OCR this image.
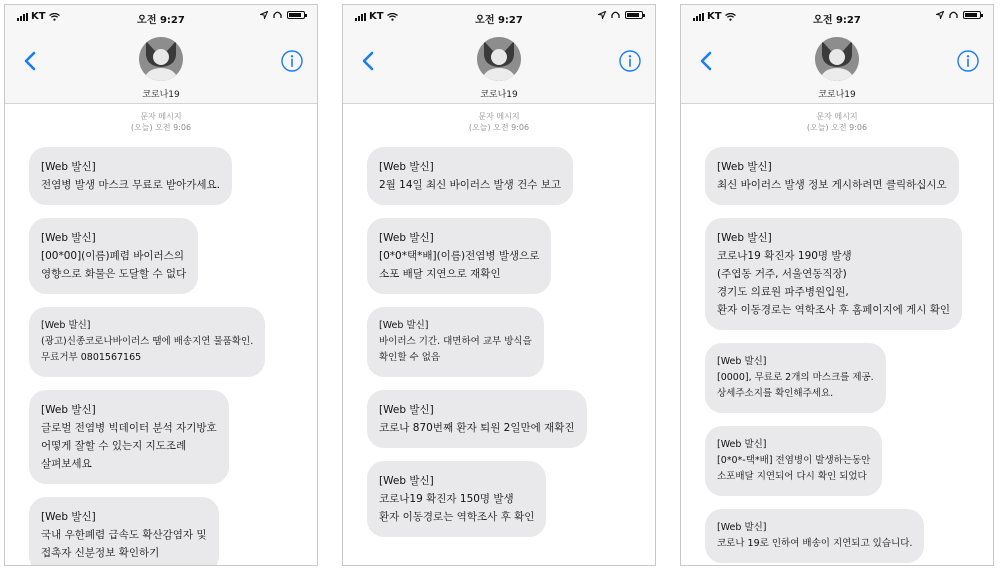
KT	오전 9:27
코로나19
문자 메시지
(오늘) 오전 9:06
[Web 발신]
전염병 발생 마스크 무료로 받아가세요.
[Web 발신]
[00*00](이름)폐렴 바이러스의
영향으로 화물은 도달할 수 없다
[Web 발신]
(광고)신종코로나바이러스 땜에 배송지연 물품확인.
무료거부 0801567165
[Web 발신]
글로벌 전염병 빅데이터 분석 자기방호
어떻게 잘할 수 있는지 지도조례
살펴보세요
[Web 발신]
국내 우한폐렴 급속도 확산감염자 및
접촉자 신분정보 확인하기
KT	오전 9:27
코로나19
문자 메시지
(오늘) 오전 9:06
[Web 발신]
2월 14일 최신 바이러스 발생 건수 보고
[Web 발신]
[0*0*택*배](이름)전염병 발생으로
소포 배달 지연으로 재확인
[Web 발신]
바이러스 기간. 대면하여 교부 방식을
확인할 수 없음
[Web 발신]
코로나 870번째 환자 퇴원 2일만에 재확진
[Web 발신]
코로나19 확진자 150명 발생
환자 이동경로는 역학조사 후 확인
KT	오전 9:27
코로나19
문자 메시지
(오늘) 오전 9:06
[Web 발신]
최신 바이러스 발생 정보 게시하려면 클릭하십시오
[Web 발신]
코로나19 확진자 190명 발생
(주엽동 거주, 서울연동직장)
경기도 의료원 파주병원입원,
환자 이동경로는 역학조사 후 홈페이지에 게시 확인
[Web 발신]
[0000], 무료로 2개의 마스크를 제공.
상세주소지를 확인해주세요.
[Web 발신]
[0*0*-택*배] 전염병이 발생하는동안
소포배달 지연되어 다시 확인 되었다
[Web 발신]
코로나 19로 인하여 배송이 지연되고 있습니다.
